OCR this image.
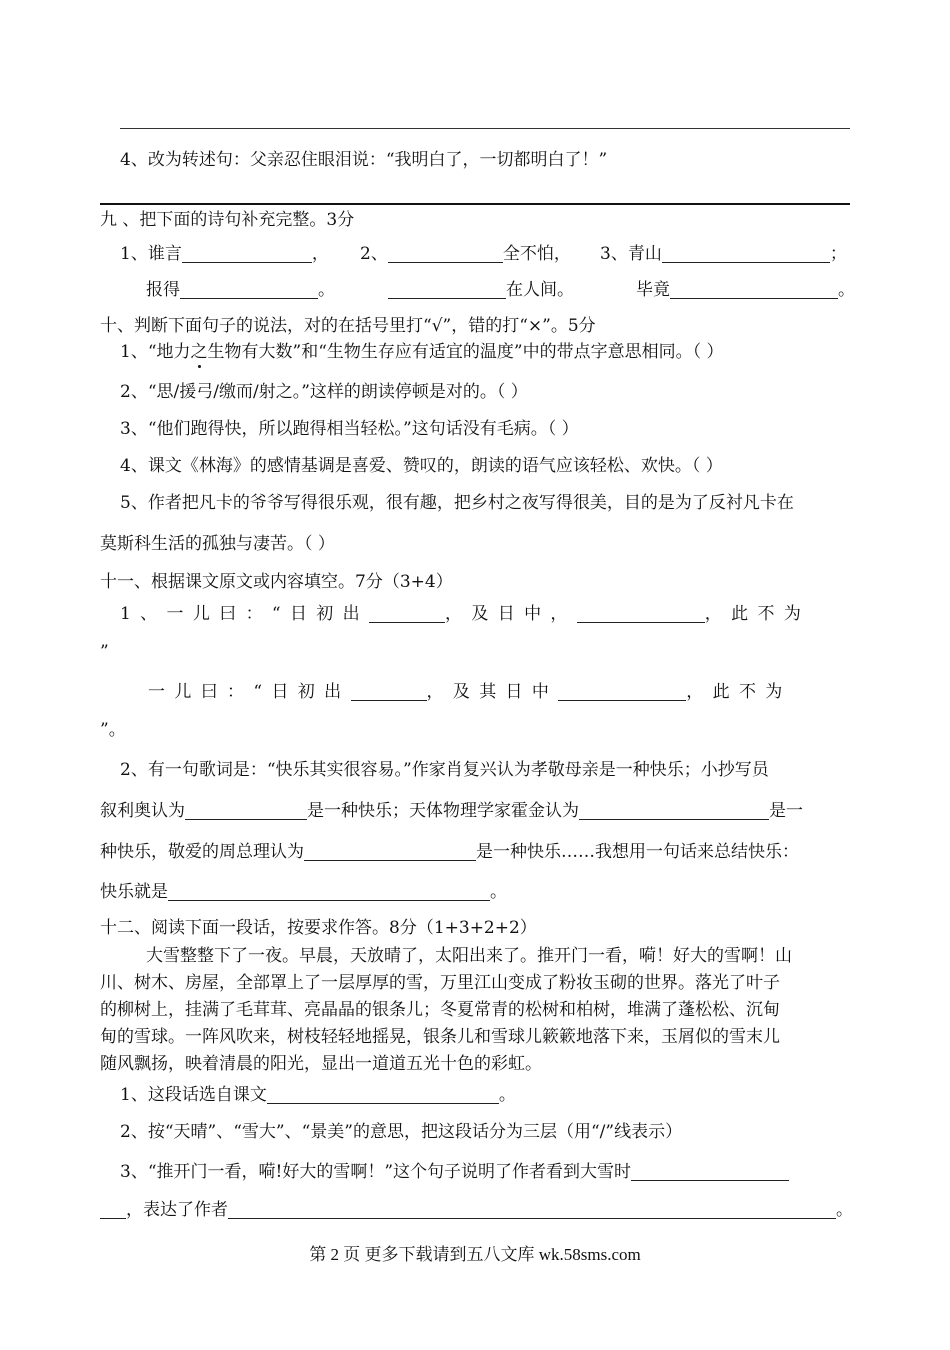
4、改为转述句：父亲忍住眼泪说：“我明白了，一切都明白了！”
九 、把下面的诗句补充完整。3分
1、谁言	， 2、	全不怕， 3、青山	；
报得	。	在人间。	毕竟	。
十、判断下面句子的说法，对的在括号里打“√”，错的打“×”。5分
1、“地力之生物有大数”和“生物生存应有适宜的温度”中的带点字意思相同。（ ）
2、“思/援弓/缴而/射之。”这样的朗读停顿是对的。（ ）
3、“他们跑得快，所以跑得相当轻松。”这句话没有毛病。（ ）
4、课文《林海》的感情基调是喜爱、赞叹的，朗读的语气应该轻松、欢快。（ ）
5、作者把凡卡的爷爷写得很乐观，很有趣，把乡村之夜写得很美，目的是为了反衬凡卡在
莫斯科生活的孤独与凄苦。（ ）
十一、根据课文原文或内容填空。7分（3+4）
1、一儿曰：“日初出	，及日中，	，此不为
”
一儿曰：“日初出	，及其日中	，此不为
”。
2、有一句歌词是：“快乐其实很容易。”作家肖复兴认为孝敬母亲是一种快乐；小抄写员
叙利奥认为	是一种快乐；天体物理学家霍金认为	是一
种快乐，敬爱的周总理认为	是一种快乐……我想用一句话来总结快乐：
快乐就是	。
十二、阅读下面一段话，按要求作答。8分（1+3+2+2）
大雪整整下了一夜。早晨，天放晴了，太阳出来了。推开门一看，嗬！好大的雪啊！山
川、树木、房屋，全部罩上了一层厚厚的雪，万里江山变成了粉妆玉砌的世界。落光了叶子
的柳树上，挂满了毛茸茸、亮晶晶的银条儿；冬夏常青的松树和柏树，堆满了蓬松松、沉甸
甸的雪球。一阵风吹来，树枝轻轻地摇晃，银条儿和雪球儿簌簌地落下来，玉屑似的雪末儿
随风飘扬，映着清晨的阳光，显出一道道五光十色的彩虹。
1、这段话选自课文	。
2、按“天晴”、“雪大”、“景美”的意思，把这段话分为三层（用“/”线表示）
3、“推开门一看，嗬!好大的雪啊！”这个句子说明了作者看到大雪时
，表达了作者	。
第 2 页 更多下载请到五八文库 wk.58sms.com
